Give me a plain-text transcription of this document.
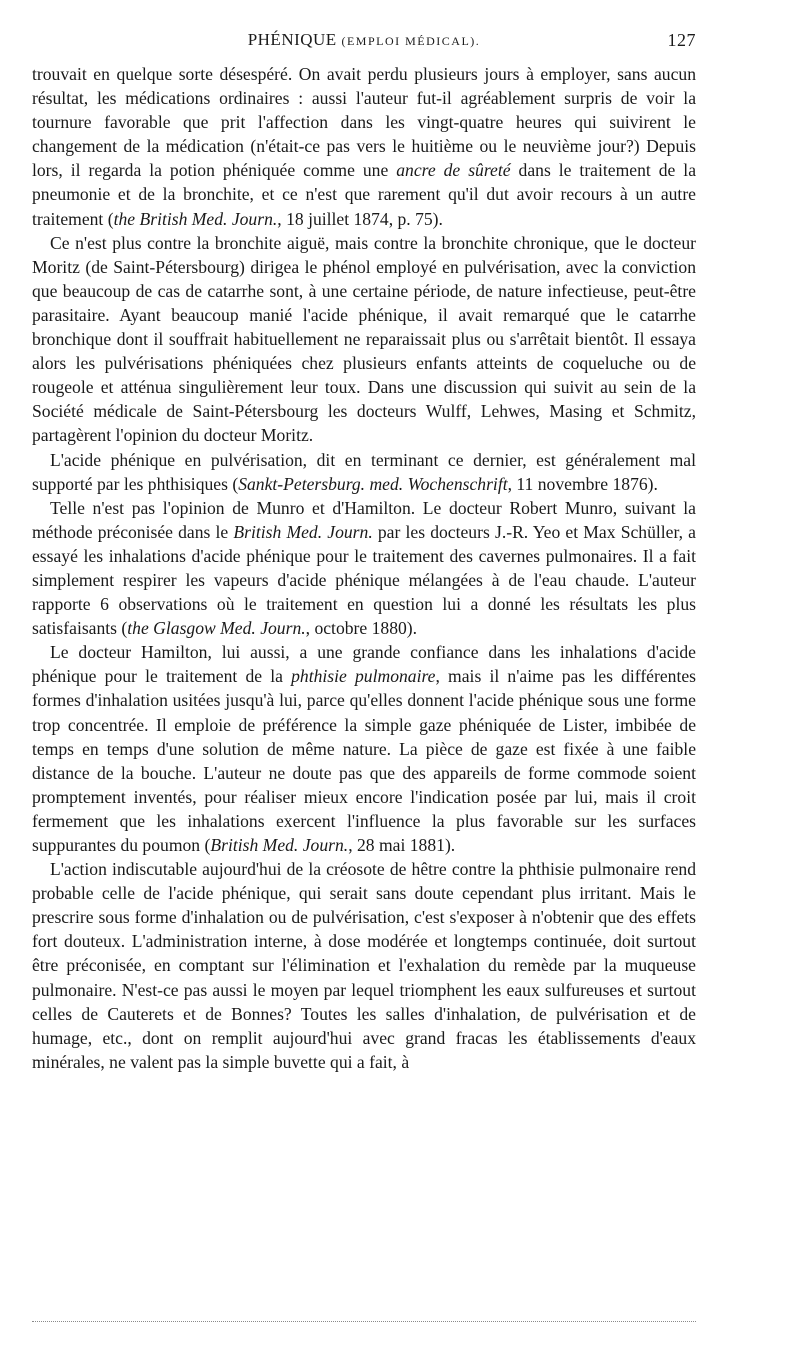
PHÉNIQUE (EMPLOI MÉDICAL).	127

trouvait en quelque sorte désespéré. On avait perdu plusieurs jours à employer, sans aucun résultat, les médications ordinaires : aussi l'auteur fut-il agréablement surpris de voir la tournure favorable que prit l'affection dans les vingt-quatre heures qui suivirent le changement de la médication (n'était-ce pas vers le huitième ou le neuvième jour?) Depuis lors, il regarda la potion phéniquée comme une ancre de sûreté dans le traitement de la pneumonie et de la bronchite, et ce n'est que rarement qu'il dut avoir recours à un autre traitement (the British Med. Journ., 18 juillet 1874, p. 75).

Ce n'est plus contre la bronchite aiguë, mais contre la bronchite chronique, que le docteur Moritz (de Saint-Pétersbourg) dirigea le phénol employé en pulvérisation, avec la conviction que beaucoup de cas de catarrhe sont, à une certaine période, de nature infectieuse, peut-être parasitaire. Ayant beaucoup manié l'acide phénique, il avait remarqué que le catarrhe bronchique dont il souffrait habituellement ne reparaissait plus ou s'arrêtait bientôt. Il essaya alors les pulvérisations phéniquées chez plusieurs enfants atteints de coqueluche ou de rougeole et atténua singulièrement leur toux. Dans une discussion qui suivit au sein de la Société médicale de Saint-Pétersbourg les docteurs Wulff, Lehwes, Masing et Schmitz, partagèrent l'opinion du docteur Moritz.

L'acide phénique en pulvérisation, dit en terminant ce dernier, est généralement mal supporté par les phthisiques (Sankt-Petersburg. med. Wochenschrift, 11 novembre 1876).

Telle n'est pas l'opinion de Munro et d'Hamilton. Le docteur Robert Munro, suivant la méthode préconisée dans le British Med. Journ. par les docteurs J.-R. Yeo et Max Schüller, a essayé les inhalations d'acide phénique pour le traitement des cavernes pulmonaires. Il a fait simplement respirer les vapeurs d'acide phénique mélangées à de l'eau chaude. L'auteur rapporte 6 observations où le traitement en question lui a donné les résultats les plus satisfaisants (the Glasgow Med. Journ., octobre 1880).

Le docteur Hamilton, lui aussi, a une grande confiance dans les inhalations d'acide phénique pour le traitement de la phthisie pulmonaire, mais il n'aime pas les différentes formes d'inhalation usitées jusqu'à lui, parce qu'elles donnent l'acide phénique sous une forme trop concentrée. Il emploie de préférence la simple gaze phéniquée de Lister, imbibée de temps en temps d'une solution de même nature. La pièce de gaze est fixée à une faible distance de la bouche. L'auteur ne doute pas que des appareils de forme commode soient promptement inventés, pour réaliser mieux encore l'indication posée par lui, mais il croit fermement que les inhalations exercent l'influence la plus favorable sur les surfaces suppurantes du poumon (British Med. Journ., 28 mai 1881).

L'action indiscutable aujourd'hui de la créosote de hêtre contre la phthisie pulmonaire rend probable celle de l'acide phénique, qui serait sans doute cependant plus irritant. Mais le prescrire sous forme d'inhalation ou de pulvérisation, c'est s'exposer à n'obtenir que des effets fort douteux. L'administration interne, à dose modérée et longtemps continuée, doit surtout être préconisée, en comptant sur l'élimination et l'exhalation du remède par la muqueuse pulmonaire. N'est-ce pas aussi le moyen par lequel triomphent les eaux sulfureuses et surtout celles de Cauterets et de Bonnes? Toutes les salles d'inhalation, de pulvérisation et de humage, etc., dont on remplit aujourd'hui avec grand fracas les établissements d'eaux minérales, ne valent pas la simple buvette qui a fait, à
